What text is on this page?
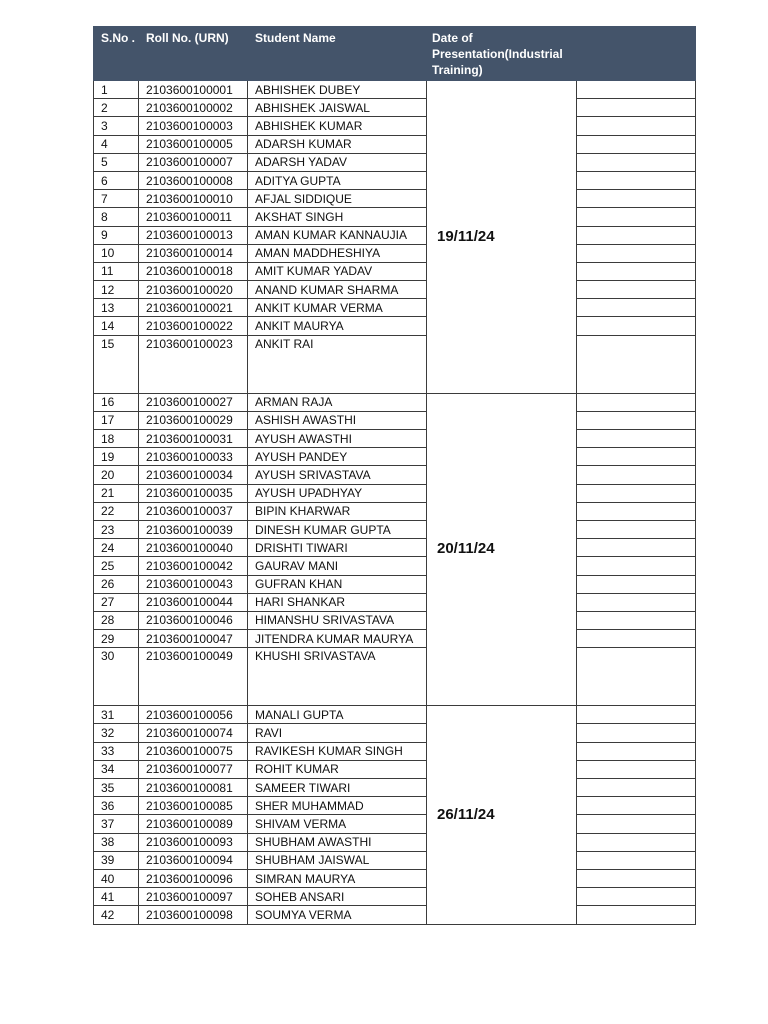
S.No .	Roll No. (URN)	Student Name	Date of Presentation(Industrial Training)	
1	2103600100001	ABHISHEK DUBEY	19/11/24	
2	2103600100002	ABHISHEK JAISWAL		
3	2103600100003	ABHISHEK KUMAR		
4	2103600100005	ADARSH KUMAR		
5	2103600100007	ADARSH YADAV		
6	2103600100008	ADITYA GUPTA		
7	2103600100010	AFJAL SIDDIQUE		
8	2103600100011	AKSHAT SINGH		
9	2103600100013	AMAN KUMAR KANNAUJIA		
10	2103600100014	AMAN MADDHESHIYA		
11	2103600100018	AMIT KUMAR YADAV		
12	2103600100020	ANAND KUMAR SHARMA		
13	2103600100021	ANKIT KUMAR VERMA		
14	2103600100022	ANKIT MAURYA		
15	2103600100023	ANKIT RAI		
16	2103600100027	ARMAN RAJA	20/11/24	
17	2103600100029	ASHISH AWASTHI		
18	2103600100031	AYUSH AWASTHI		
19	2103600100033	AYUSH PANDEY		
20	2103600100034	AYUSH SRIVASTAVA		
21	2103600100035	AYUSH UPADHYAY		
22	2103600100037	BIPIN KHARWAR		
23	2103600100039	DINESH KUMAR GUPTA		
24	2103600100040	DRISHTI TIWARI		
25	2103600100042	GAURAV MANI		
26	2103600100043	GUFRAN KHAN		
27	2103600100044	HARI SHANKAR		
28	2103600100046	HIMANSHU SRIVASTAVA		
29	2103600100047	JITENDRA KUMAR MAURYA		
30	2103600100049	KHUSHI SRIVASTAVA		
31	2103600100056	MANALI GUPTA	26/11/24	
32	2103600100074	RAVI		
33	2103600100075	RAVIKESH KUMAR SINGH		
34	2103600100077	ROHIT KUMAR		
35	2103600100081	SAMEER TIWARI		
36	2103600100085	SHER MUHAMMAD		
37	2103600100089	SHIVAM VERMA		
38	2103600100093	SHUBHAM AWASTHI		
39	2103600100094	SHUBHAM JAISWAL		
40	2103600100096	SIMRAN MAURYA		
41	2103600100097	SOHEB ANSARI		
42	2103600100098	SOUMYA VERMA		
